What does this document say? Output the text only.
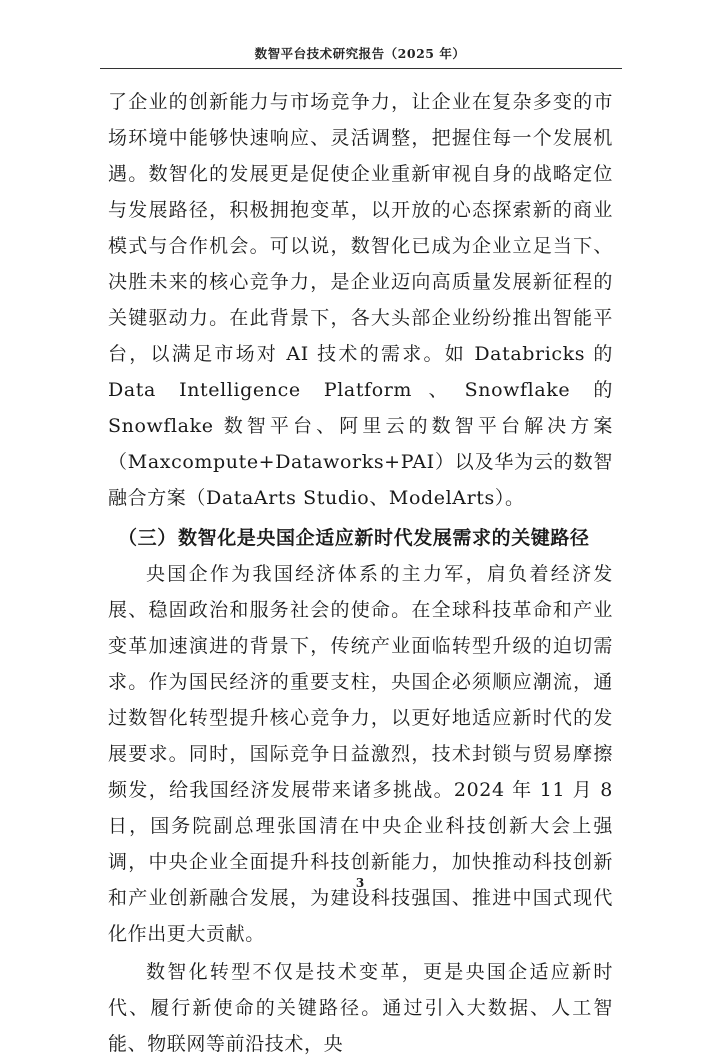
数智平台技术研究报告（2025 年）

了企业的创新能力与市场竞争力，让企业在复杂多变的市场环境中能够快速响应、灵活调整，把握住每一个发展机遇。数智化的发展更是促使企业重新审视自身的战略定位与发展路径，积极拥抱变革，以开放的心态探索新的商业模式与合作机会。可以说，数智化已成为企业立足当下、决胜未来的核心竞争力，是企业迈向高质量发展新征程的关键驱动力。在此背景下，各大头部企业纷纷推出智能平台，以满足市场对 AI 技术的需求。如 Databricks 的 Data Intelligence Platform、Snowflake 的 Snowflake 数智平台、阿里云的数智平台解决方案（Maxcompute+Dataworks+PAI）以及华为云的数智融合方案（DataArts Studio、ModelArts）。

（三）数智化是央国企适应新时代发展需求的关键路径

央国企作为我国经济体系的主力军，肩负着经济发展、稳固政治和服务社会的使命。在全球科技革命和产业变革加速演进的背景下，传统产业面临转型升级的迫切需求。作为国民经济的重要支柱，央国企必须顺应潮流，通过数智化转型提升核心竞争力，以更好地适应新时代的发展要求。同时，国际竞争日益激烈，技术封锁与贸易摩擦频发，给我国经济发展带来诸多挑战。2024 年 11 月 8 日，国务院副总理张国清在中央企业科技创新大会上强调，中央企业全面提升科技创新能力，加快推动科技创新和产业创新融合发展，为建设科技强国、推进中国式现代化作出更大贡献。

数智化转型不仅是技术变革，更是央国企适应新时代、履行新使命的关键路径。通过引入大数据、人工智能、物联网等前沿技术，央

3
